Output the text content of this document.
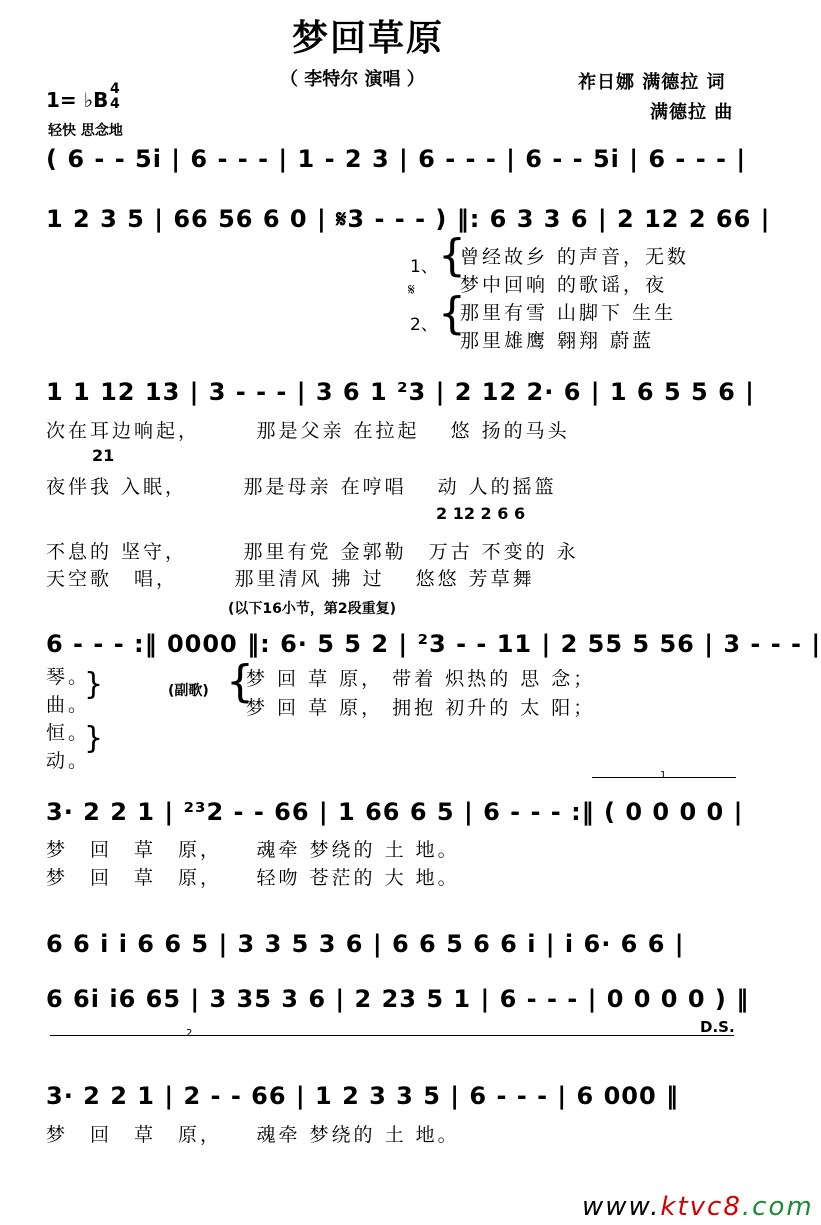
梦回草原
（ 李特尔 演唱 ）	祚日娜 满德拉 词
满德拉 曲
1= ♭B 4
4
轻快 思念地
( 6 - - 5i | 6 - - - | 1 - 2 3 | 6 - - - | 6 - - 5i | 6 - - - |
1 2 3 5 | 66 56 6 0 | 𝄋3 - - - ) ‖: 6 3 3 6 | 2 12 2 66 |
1、 {
曾经故乡 的声音，无数
梦中回响 的歌谣，夜
𝄋
2、 {
那里有雪 山脚下 生生
那里雄鹰 翱翔 蔚蓝
1 1 12 13 | 3 - - - | 3 6 1 ²3 | 2 12 2· 6 | 1 6 5 5 6 |
次在耳边响起，　　　那是父亲 在拉起　 悠 扬的马头
21
夜伴我 入眠，　　　那是母亲 在哼唱　 动 人的摇篮
2 12 2 6 6
不息的 坚守，　　　那里有党 金郭勒　万古 不变的 永
天空歌　唱，　　　那里清风 拂 过　 悠悠 芳草舞
(以下16小节，第2段重复)
6 - - - :‖ 0000 ‖: 6· 5 5 2 | ²3 - - 11 | 2 55 5 56 | 3 - - - |
琴。
曲。
}
恒。
动。
}
(副歌) {
梦 回 草 原， 带着 炽热的 思 念；
梦 回 草 原， 拥抱 初升的 太 阳；
1
3· 2 2 1 | ²³2 - - 66 | 1 66 6 5 | 6 - - - :‖ ( 0 0 0 0 |
梦　回　草　原，　　魂牵 梦绕的 土 地。
梦　回　草　原，　　轻吻 苍茫的 大 地。
6 6 i i 6 6 5 | 3 3 5 3 6 | 6 6 5 6 6 i | i 6· 6 6 |
6 6i i6 65 | 3 35 3 6 | 2 23 5 1 | 6 - - - | 0 0 0 0 ) ‖
D.S.
2
3· 2 2 1 | 2 - - 66 | 1 2 3 3 5 | 6 - - - | 6 000 ‖
梦　回　草　原，　　魂牵 梦绕的 土 地。
www.ktvc8.com
